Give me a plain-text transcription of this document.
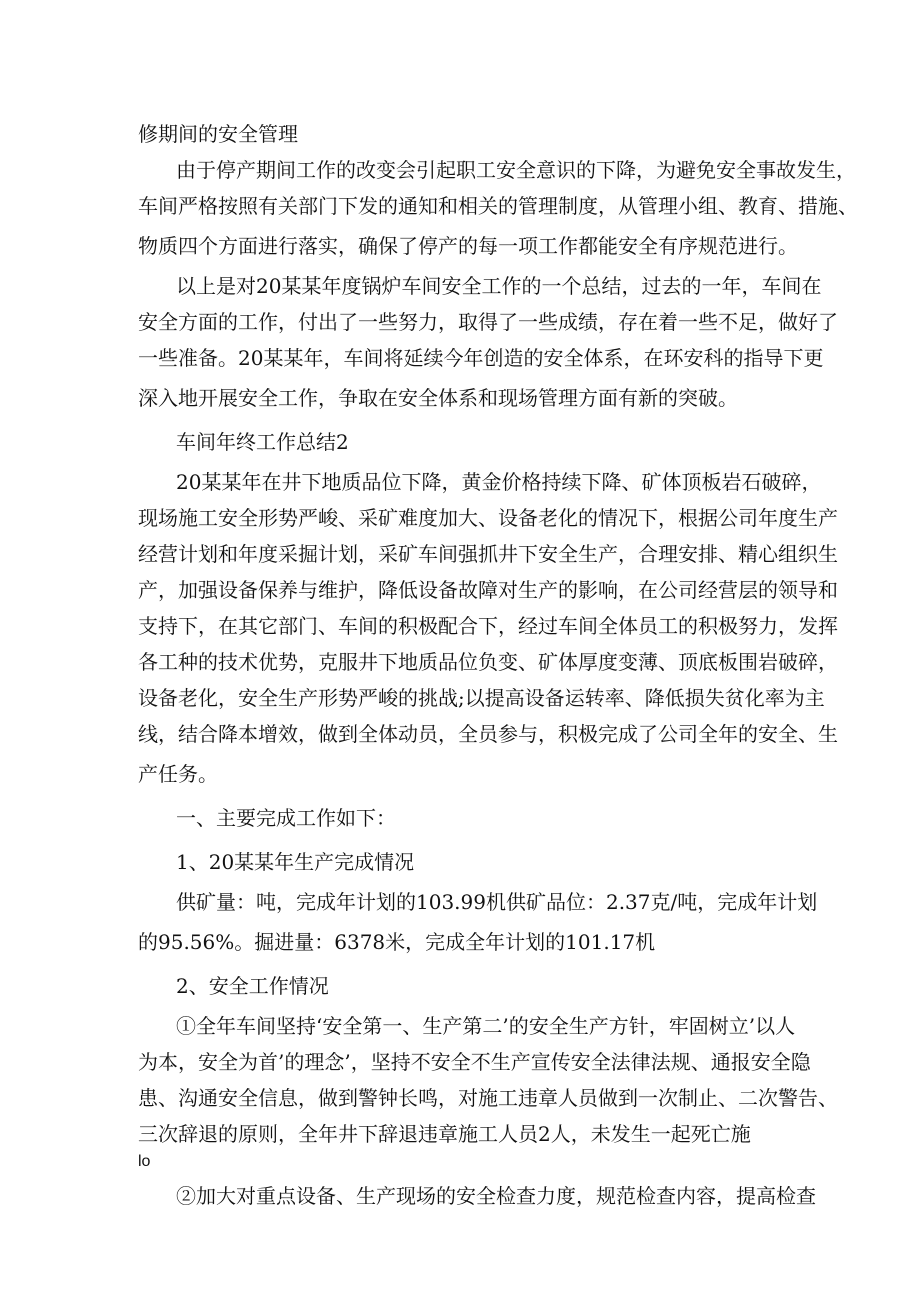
修期间的安全管理
由于停产期间工作的改变会引起职工安全意识的下降，为避免安全事故发生，
车间严格按照有关部门下发的通知和相关的管理制度，从管理小组、教育、措施、
物质四个方面进行落实，确保了停产的每一项工作都能安全有序规范进行。
以上是对20某某年度锅炉车间安全工作的一个总结，过去的一年，车间在
安全方面的工作，付出了一些努力，取得了一些成绩，存在着一些不足，做好了
一些准备。20某某年，车间将延续今年创造的安全体系，在环安科的指导下更
深入地开展安全工作，争取在安全体系和现场管理方面有新的突破。
车间年终工作总结2
20某某年在井下地质品位下降，黄金价格持续下降、矿体顶板岩石破碎，
现场施工安全形势严峻、采矿难度加大、设备老化的情况下，根据公司年度生产
经营计划和年度采掘计划，采矿车间强抓井下安全生产，合理安排、精心组织生
产，加强设备保养与维护，降低设备故障对生产的影响，在公司经营层的领导和
支持下，在其它部门、车间的积极配合下，经过车间全体员工的积极努力，发挥
各工种的技术优势，克服井下地质品位负变、矿体厚度变薄、顶底板围岩破碎，
设备老化，安全生产形势严峻的挑战;以提高设备运转率、降低损失贫化率为主
线，结合降本增效，做到全体动员，全员参与，积极完成了公司全年的安全、生
产任务。
一、主要完成工作如下：
1、20某某年生产完成情况
供矿量：吨，完成年计划的103.99机供矿品位：2.37克/吨，完成年计划
的95.56%。掘进量：6378米，完成全年计划的101.17机
2、安全工作情况
①全年车间坚持‘安全第一、生产第二’的安全生产方针，牢固树立’以人
为本，安全为首’的理念’，坚持不安全不生产宣传安全法律法规、通报安全隐
患、沟通安全信息，做到警钟长鸣，对施工违章人员做到一次制止、二次警告、
三次辞退的原则，全年井下辞退违章施工人员2人，未发生一起死亡施
lo
②加大对重点设备、生产现场的安全检查力度，规范检查内容，提高检查
